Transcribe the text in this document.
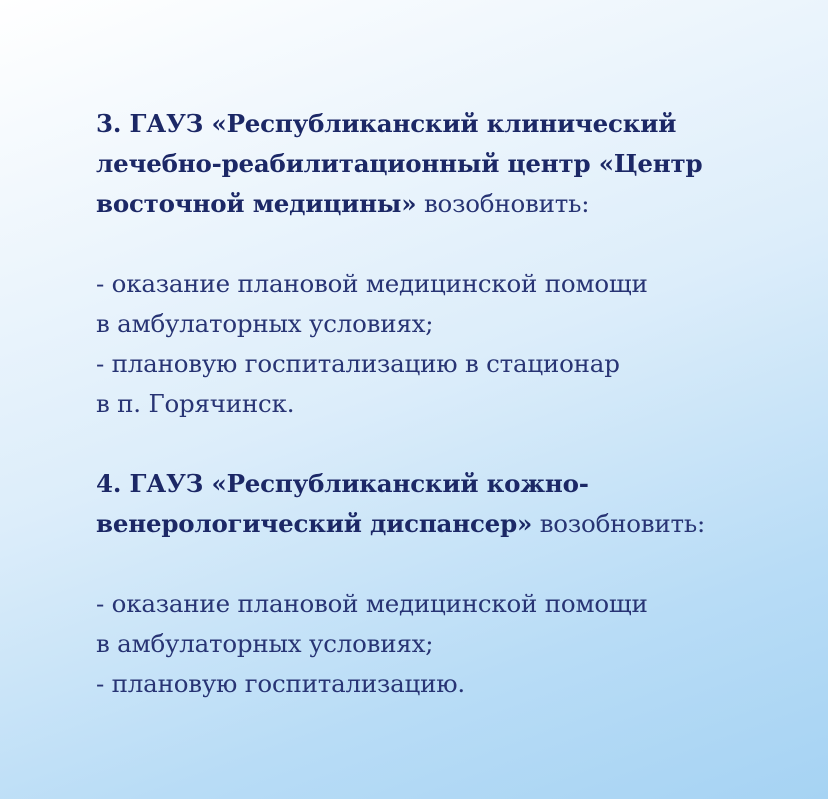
3. ГАУЗ «Республиканский клинический
лечебно-реабилитационный центр «Центр
восточной медицины» возобновить:
- оказание плановой медицинской помощи
в амбулаторных условиях;
- плановую госпитализацию в стационар
в п. Горячинск.
4. ГАУЗ «Республиканский кожно-
венерологический диспансер» возобновить:
- оказание плановой медицинской помощи
в амбулаторных условиях;
- плановую госпитализацию.
